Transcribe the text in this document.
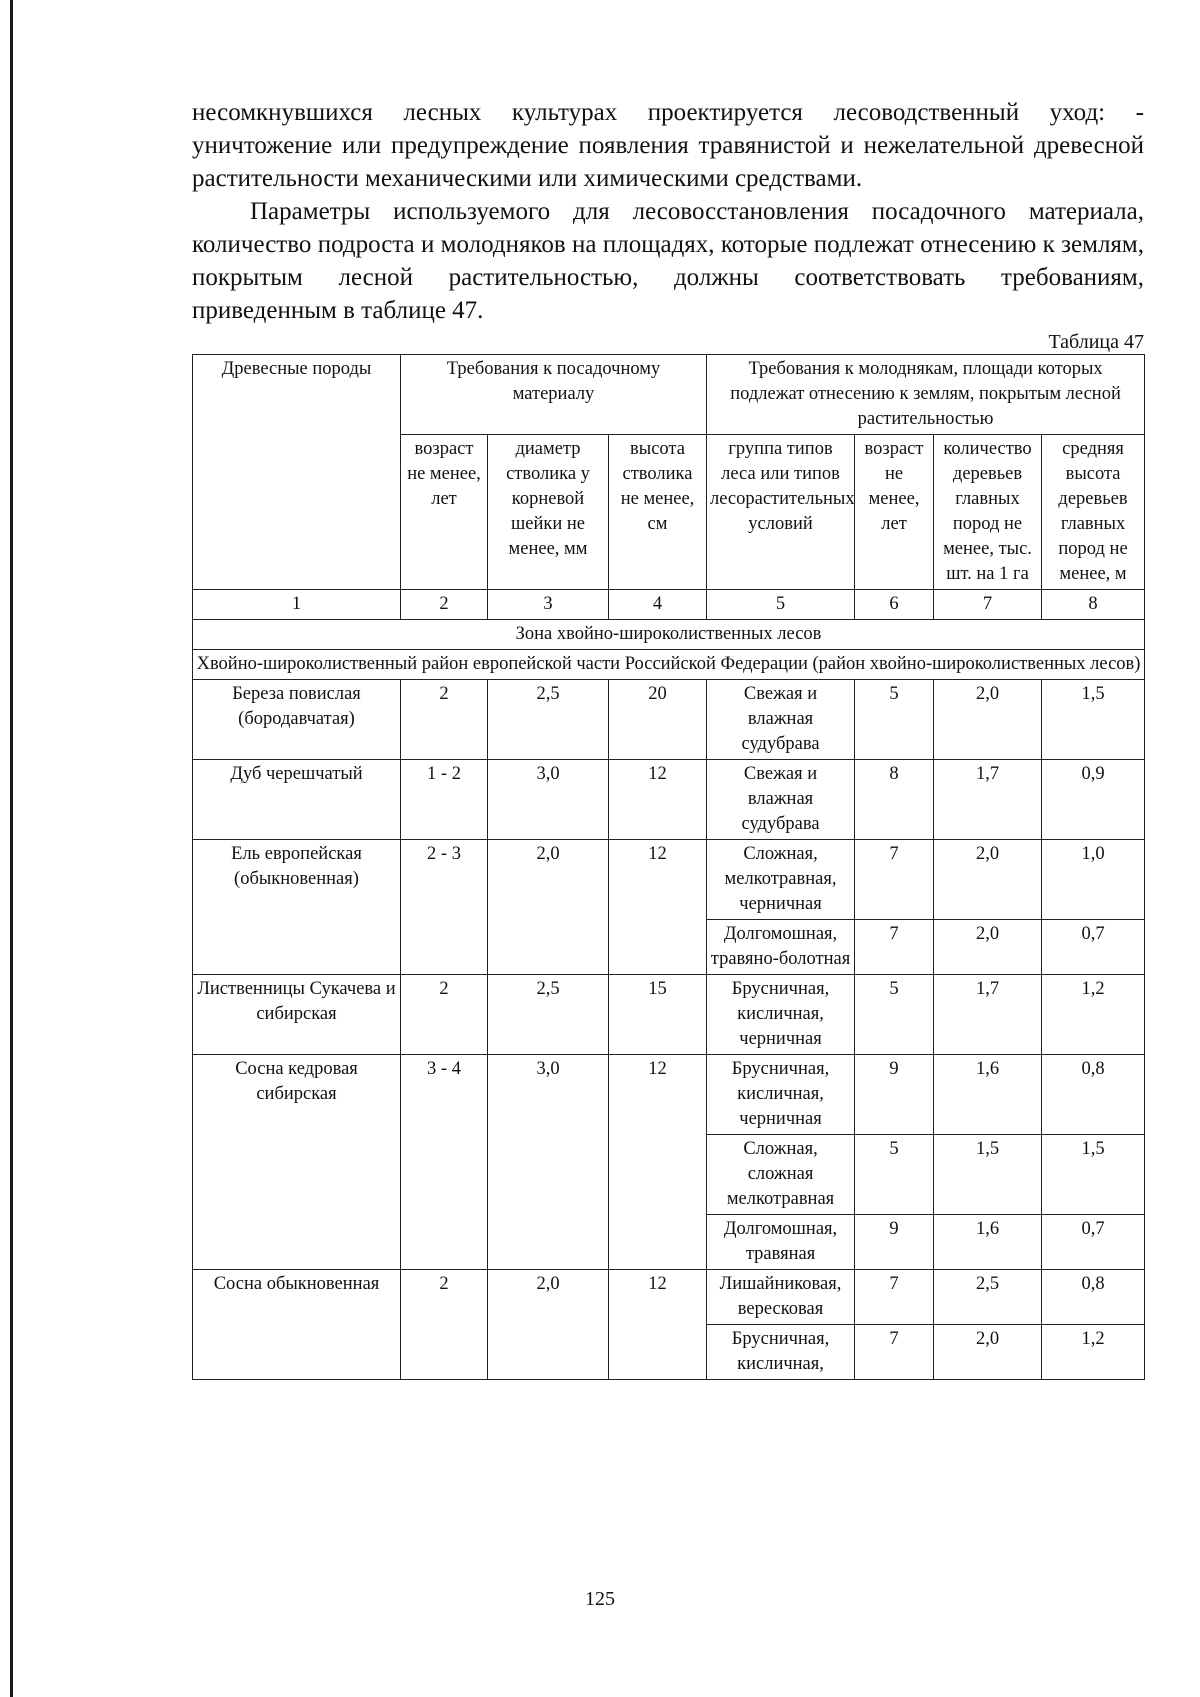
несомкнувшихся лесных культурах проектируется лесоводственный уход: - уничтожение или предупреждение появления травянистой и нежелательной древесной растительности механическими или химическими средствами.

Параметры используемого для лесовосстановления посадочного материала, количество подроста и молодняков на площадях, которые подлежат отнесению к землям, покрытым лесной растительностью, должны соответствовать требованиям, приведенным в таблице 47.

Таблица 47
Древесные породы	Требования к посадочному материалу			Требования к молоднякам, площади которых подлежат отнесению к землям, покрытым лесной растительностью			
	возраст не менее, лет	диаметр стволика у корневой шейки не менее, мм	высота стволика не менее, см	группа типов леса или типов лесорастительных условий	возраст не менее, лет	количество деревьев главных пород не менее, тыс. шт. на 1 га	средняя высота деревьев главных пород не менее, м
1	2	3	4	5	6	7	8
Зона хвойно-широколиственных лесов							
Хвойно-широколиственный район европейской части Российской Федерации (район хвойно-широколиственных лесов)							
Береза повислая (бородавчатая)	2	2,5	20	Свежая и влажная судубрава	5	2,0	1,5
Дуб черешчатый	1 - 2	3,0	12	Свежая и влажная судубрава	8	1,7	0,9
Ель европейская (обыкновенная)	2 - 3	2,0	12	Сложная, мелкотравная, черничная	7	2,0	1,0
				Долгомошная, травяно-болотная	7	2,0	0,7
Лиственницы Сукачева и сибирская	2	2,5	15	Брусничная, кисличная, черничная	5	1,7	1,2
Сосна кедровая сибирская	3 - 4	3,0	12	Брусничная, кисличная, черничная	9	1,6	0,8
				Сложная, сложная мелкотравная	5	1,5	1,5
				Долгомошная, травяная	9	1,6	0,7
Сосна обыкновенная	2	2,0	12	Лишайниковая, вересковая	7	2,5	0,8
				Брусничная, кисличная,	7	2,0	1,2
125
